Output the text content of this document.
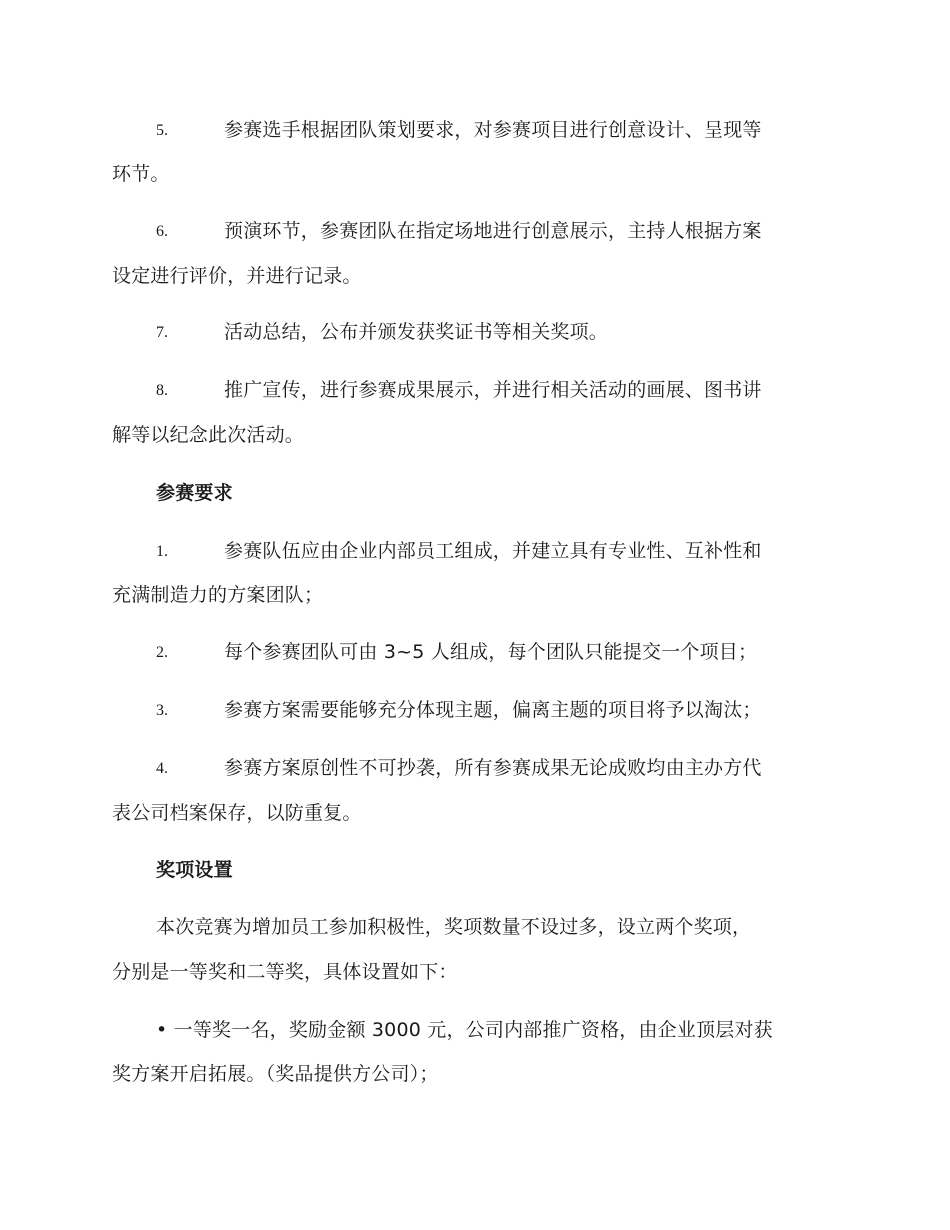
5.	参赛选手根据团队策划要求，对参赛项目进行创意设计、呈现等
环节。
6.	预演环节，参赛团队在指定场地进行创意展示，主持人根据方案
设定进行评价，并进行记录。
7.	活动总结，公布并颁发获奖证书等相关奖项。
8.	推广宣传，进行参赛成果展示，并进行相关活动的画展、图书讲
解等以纪念此次活动。
参赛要求
1.	参赛队伍应由企业内部员工组成，并建立具有专业性、互补性和
充满制造力的方案团队；
2.	每个参赛团队可由 3~5 人组成，每个团队只能提交一个项目；
3.	参赛方案需要能够充分体现主题，偏离主题的项目将予以淘汰；
4.	参赛方案原创性不可抄袭，所有参赛成果无论成败均由主办方代
表公司档案保存，以防重复。
奖项设置
本次竞赛为增加员工参加积极性，奖项数量不设过多，设立两个奖项，
分别是一等奖和二等奖，具体设置如下：
• 一等奖一名，奖励金额 3000 元，公司内部推广资格，由企业顶层对获
奖方案开启拓展。（奖品提供方公司）；
